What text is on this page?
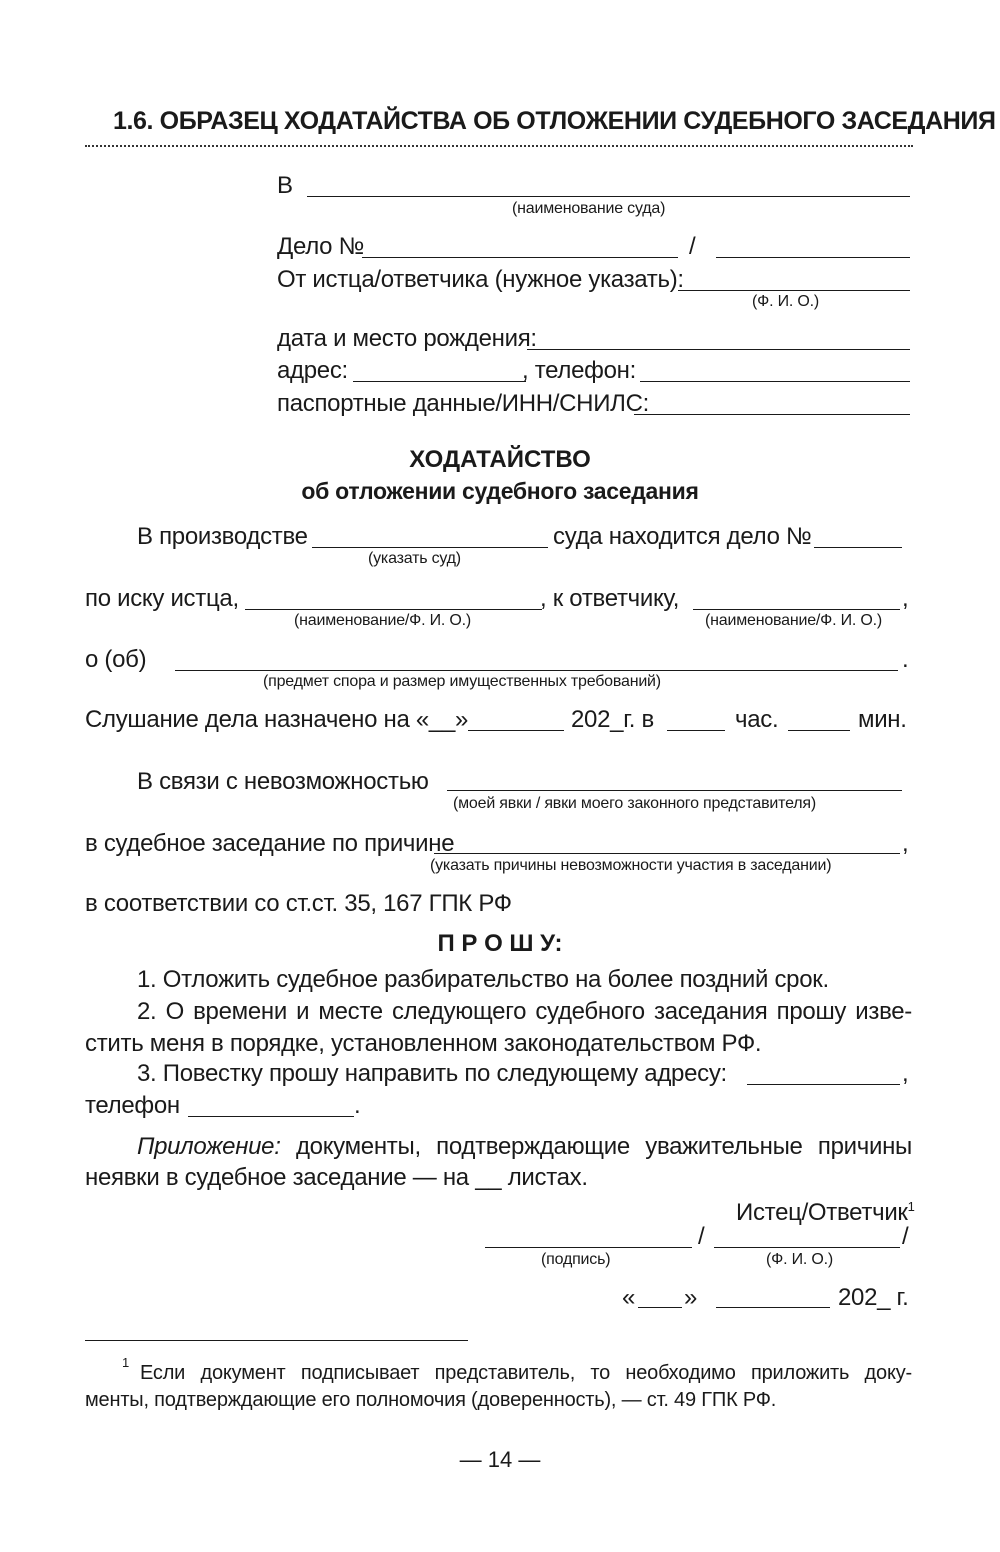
1.6. ОБРАЗЕЦ ХОДАТАЙСТВА ОБ ОТЛОЖЕНИИ СУДЕБНОГО ЗАСЕДАНИЯ
В
(наименование суда)
Дело №	/
От истца/ответчика (нужное указать):
(Ф. И. О.)
дата и место рождения:
адрес:	, телефон:
паспортные данные/ИНН/СНИЛС:
ХОДАТАЙСТВО
об отложении судебного заседания
В производстве	суда находится дело №
(указать суд)
по иску истца,	, к ответчику,	,
(наименование/Ф. И. О.)	(наименование/Ф. И. О.)
о (об)	.
(предмет спора и размер имущественных требований)
Слушание дела назначено на «__»	202_г. в	час.	мин.
В связи с невозможностью
(моей явки / явки моего законного представителя)
в судебное заседание по причине	,
(указать причины невозможности участия в заседании)
в соответствии со ст.ст. 35, 167 ГПК РФ
П Р О Ш У:
1. Отложить судебное разбирательство на более поздний срок.
2. О времени и месте следующего судебного заседания прошу изве-
стить меня в порядке, установленном законодательством РФ.
3. Повестку прошу направить по следующему адресу:	,
телефон	.
Приложение: документы, подтверждающие уважительные причины
неявки в судебное заседание — на __ листах.
Истец/Ответчик$^1$
/	/
(подпись)	(Ф. И. О.)
« »	202_ г.
1 Если документ подписывает представитель, то необходимо приложить доку-
менты, подтверждающие его полномочия (доверенность), — ст. 49 ГПК РФ.
— 14 —
